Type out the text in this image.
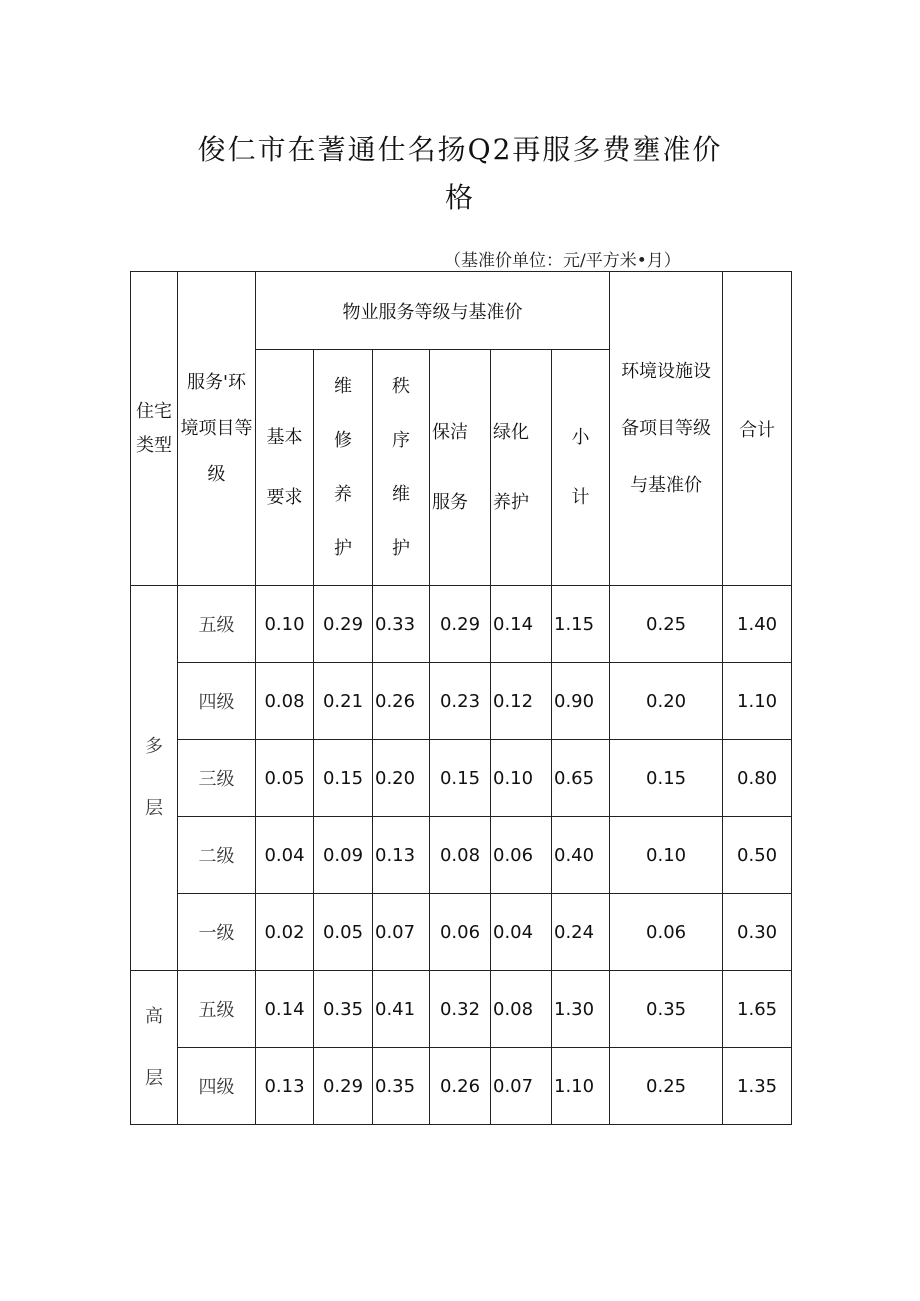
俊仁市在蓍通仕名扬Q2再服多费壅准价
格
（基准价单位：元/平方米•月）
住宅类型	服务'环境项目等级	物业服务等级与基准价						环境设施设备项目等级与基准价	合计
		基本要求	维修养护	秩序维护	保洁服务	绿化养护	小计		
多层	五级	0.10	0.29	0.33	0.29	0.14	1.15	0.25	1.40
	四级	0.08	0.21	0.26	0.23	0.12	0.90	0.20	1.10
	三级	0.05	0.15	0.20	0.15	0.10	0.65	0.15	0.80
	二级	0.04	0.09	0.13	0.08	0.06	0.40	0.10	0.50
	一级	0.02	0.05	0.07	0.06	0.04	0.24	0.06	0.30
高层	五级	0.14	0.35	0.41	0.32	0.08	1.30	0.35	1.65
	四级	0.13	0.29	0.35	0.26	0.07	1.10	0.25	1.35
